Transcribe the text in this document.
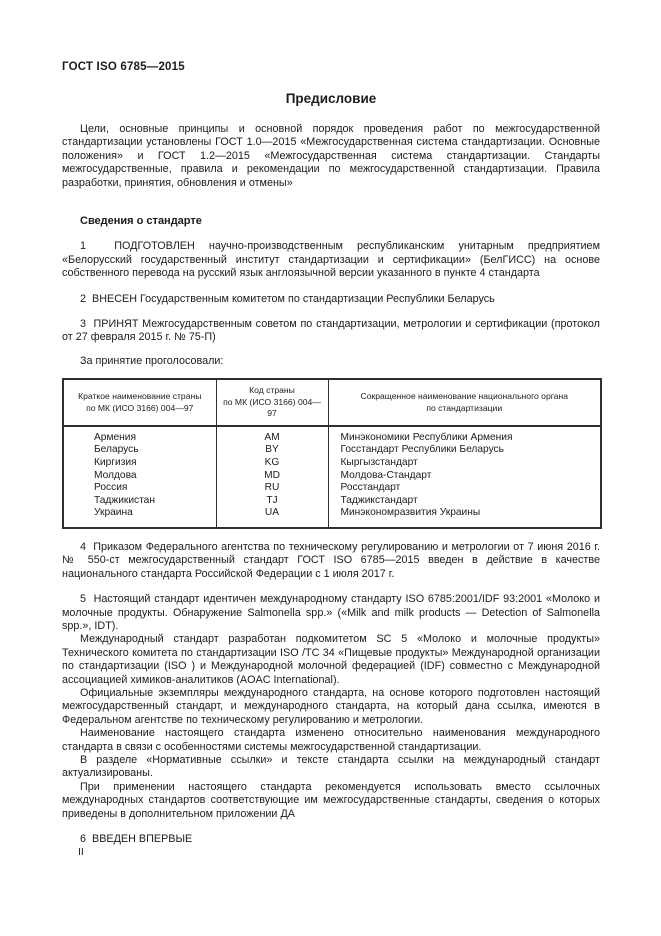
ГОСТ ISO 6785—2015
Предисловие

Цели, основные принципы и основной порядок проведения работ по межгосударственной стандартизации установлены ГОСТ 1.0—2015 «Межгосударственная система стандартизации. Основные положения» и ГОСТ 1.2—2015 «Межгосударственная система стандартизации. Стандарты межгосударственные, правила и рекомендации по межгосударственной стандартизации. Правила разработки, принятия, обновления и отмены»

Сведения о стандарте

1  ПОДГОТОВЛЕН научно-производственным республиканским унитарным предприятием «Белорусский государственный институт стандартизации и сертификации» (БелГИСС) на основе собственного перевода на русский язык англоязычной версии указанного в пункте 4 стандарта

2  ВНЕСЕН Государственным комитетом по стандартизации Республики Беларусь

3  ПРИНЯТ Межгосударственным советом по стандартизации, метрологии и сертификации (протокол от 27 февраля 2015 г. № 75-П)

За принятие проголосовали:

Краткое наименование страны
по МК (ИСО 3166) 004—97

Код страны
по МК (ИСО 3166) 004—97

Сокращенное наименование национального органа
по стандартизации

Армения	AM	Минэкономики Республики Армения
Беларусь	BY	Госстандарт Республики Беларусь
Киргизия	KG	Кыргызстандарт
Молдова	MD	Молдова-Стандарт
Россия	RU	Росстандарт
Таджикистан	TJ	Таджикстандарт
Украина	UA	Минэкономразвития Украины

4  Приказом Федерального агентства по техническому регулированию и метрологии от 7 июня 2016 г. № 550-ст межгосударственный стандарт ГОСТ ISO 6785—2015 введен в действие в качестве национального стандарта Российской Федерации с 1 июля 2017 г.

5  Настоящий стандарт идентичен международному стандарту ISO 6785:2001/IDF 93:2001 «Молоко и молочные продукты. Обнаружение Salmonella spp.» («Milk and milk products — Detection of Salmonella spp.», IDT).

Международный стандарт разработан подкомитетом SC 5 «Молоко и молочные продукты» Технического комитета по стандартизации ISO /ТС 34 «Пищевые продукты» Международной организации по стандартизации (ISO ) и Международной молочной федерацией (IDF) совместно с Международной ассоциацией химиков-аналитиков (AOAC International).

Официальные экземпляры международного стандарта, на основе которого подготовлен настоящий межгосударственный стандарт, и международного стандарта, на который дана ссылка, имеются в Федеральном агентстве по техническому регулированию и метрологии.

Наименование настоящего стандарта изменено относительно наименования международного стандарта в связи с особенностями системы межгосударственной стандартизации.

В разделе «Нормативные ссылки» и тексте стандарта ссылки на международный стандарт актуализированы.

При применении настоящего стандарта рекомендуется использовать вместо ссылочных международных стандартов соответствующие им межгосударственные стандарты, сведения о которых приведены в дополнительном приложении ДА

6  ВВЕДЕН ВПЕРВЫЕ

II
